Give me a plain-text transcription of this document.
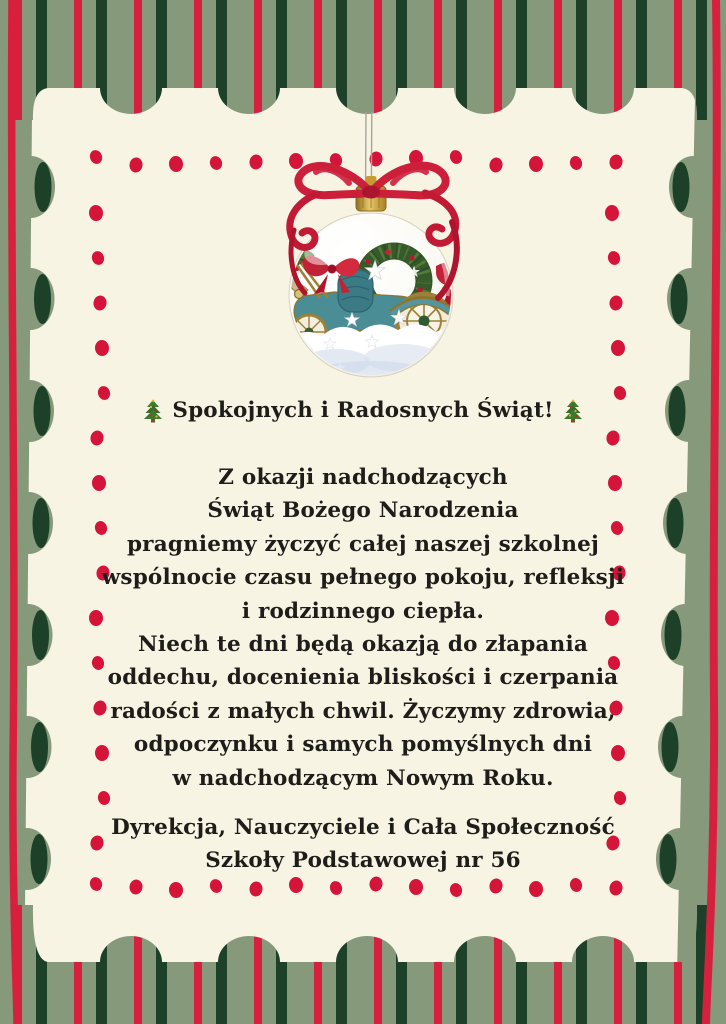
Spokojnych i Radosnych Świąt!
Z okazji nadchodzących
Świąt Bożego Narodzenia
pragniemy życzyć całej naszej szkolnej
wspólnocie czasu pełnego pokoju, refleksji
i rodzinnego ciepła.
Niech te dni będą okazją do złapania
oddechu, docenienia bliskości i czerpania
radości z małych chwil. Życzymy zdrowia,
odpoczynku i samych pomyślnych dni
w nadchodzącym Nowym Roku.
Dyrekcja, Nauczyciele i Cała Społeczność
Szkoły Podstawowej nr 56
